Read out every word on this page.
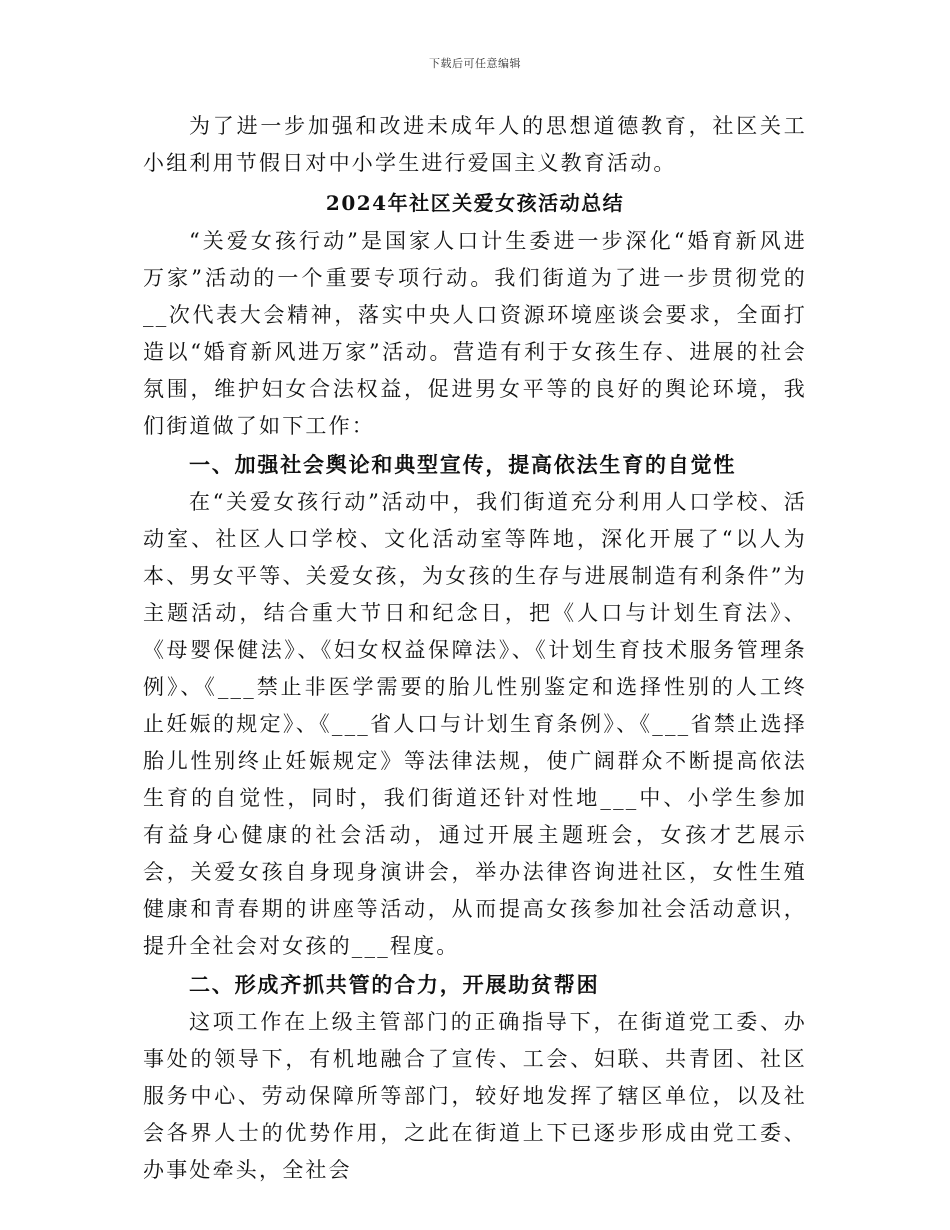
下载后可任意编辑

为了进一步加强和改进未成年人的思想道德教育，社区关工小组利用节假日对中小学生进行爱国主义教育活动。

2024年社区关爱女孩活动总结

“关爱女孩行动”是国家人口计生委进一步深化“婚育新风进万家”活动的一个重要专项行动。我们街道为了进一步贯彻党的__次代表大会精神，落实中央人口资源环境座谈会要求，全面打造以“婚育新风进万家”活动。营造有利于女孩生存、进展的社会氛围，维护妇女合法权益，促进男女平等的良好的舆论环境，我们街道做了如下工作：

一、加强社会舆论和典型宣传，提高依法生育的自觉性

在“关爱女孩行动”活动中，我们街道充分利用人口学校、活动室、社区人口学校、文化活动室等阵地，深化开展了“以人为本、男女平等、关爱女孩，为女孩的生存与进展制造有利条件”为主题活动，结合重大节日和纪念日，把《人口与计划生育法》、《母婴保健法》、《妇女权益保障法》、《计划生育技术服务管理条例》、《___禁止非医学需要的胎儿性别鉴定和选择性别的人工终止妊娠的规定》、《___省人口与计划生育条例》、《___省禁止选择胎儿性别终止妊娠规定》等法律法规，使广阔群众不断提高依法生育的自觉性，同时，我们街道还针对性地___中、小学生参加有益身心健康的社会活动，通过开展主题班会，女孩才艺展示会，关爱女孩自身现身演讲会，举办法律咨询进社区，女性生殖健康和青春期的讲座等活动，从而提高女孩参加社会活动意识，提升全社会对女孩的___程度。

二、形成齐抓共管的合力，开展助贫帮困

这项工作在上级主管部门的正确指导下，在街道党工委、办事处的领导下，有机地融合了宣传、工会、妇联、共青团、社区服务中心、劳动保障所等部门，较好地发挥了辖区单位，以及社会各界人士的优势作用，之此在街道上下已逐步形成由党工委、办事处牵头，全社会
